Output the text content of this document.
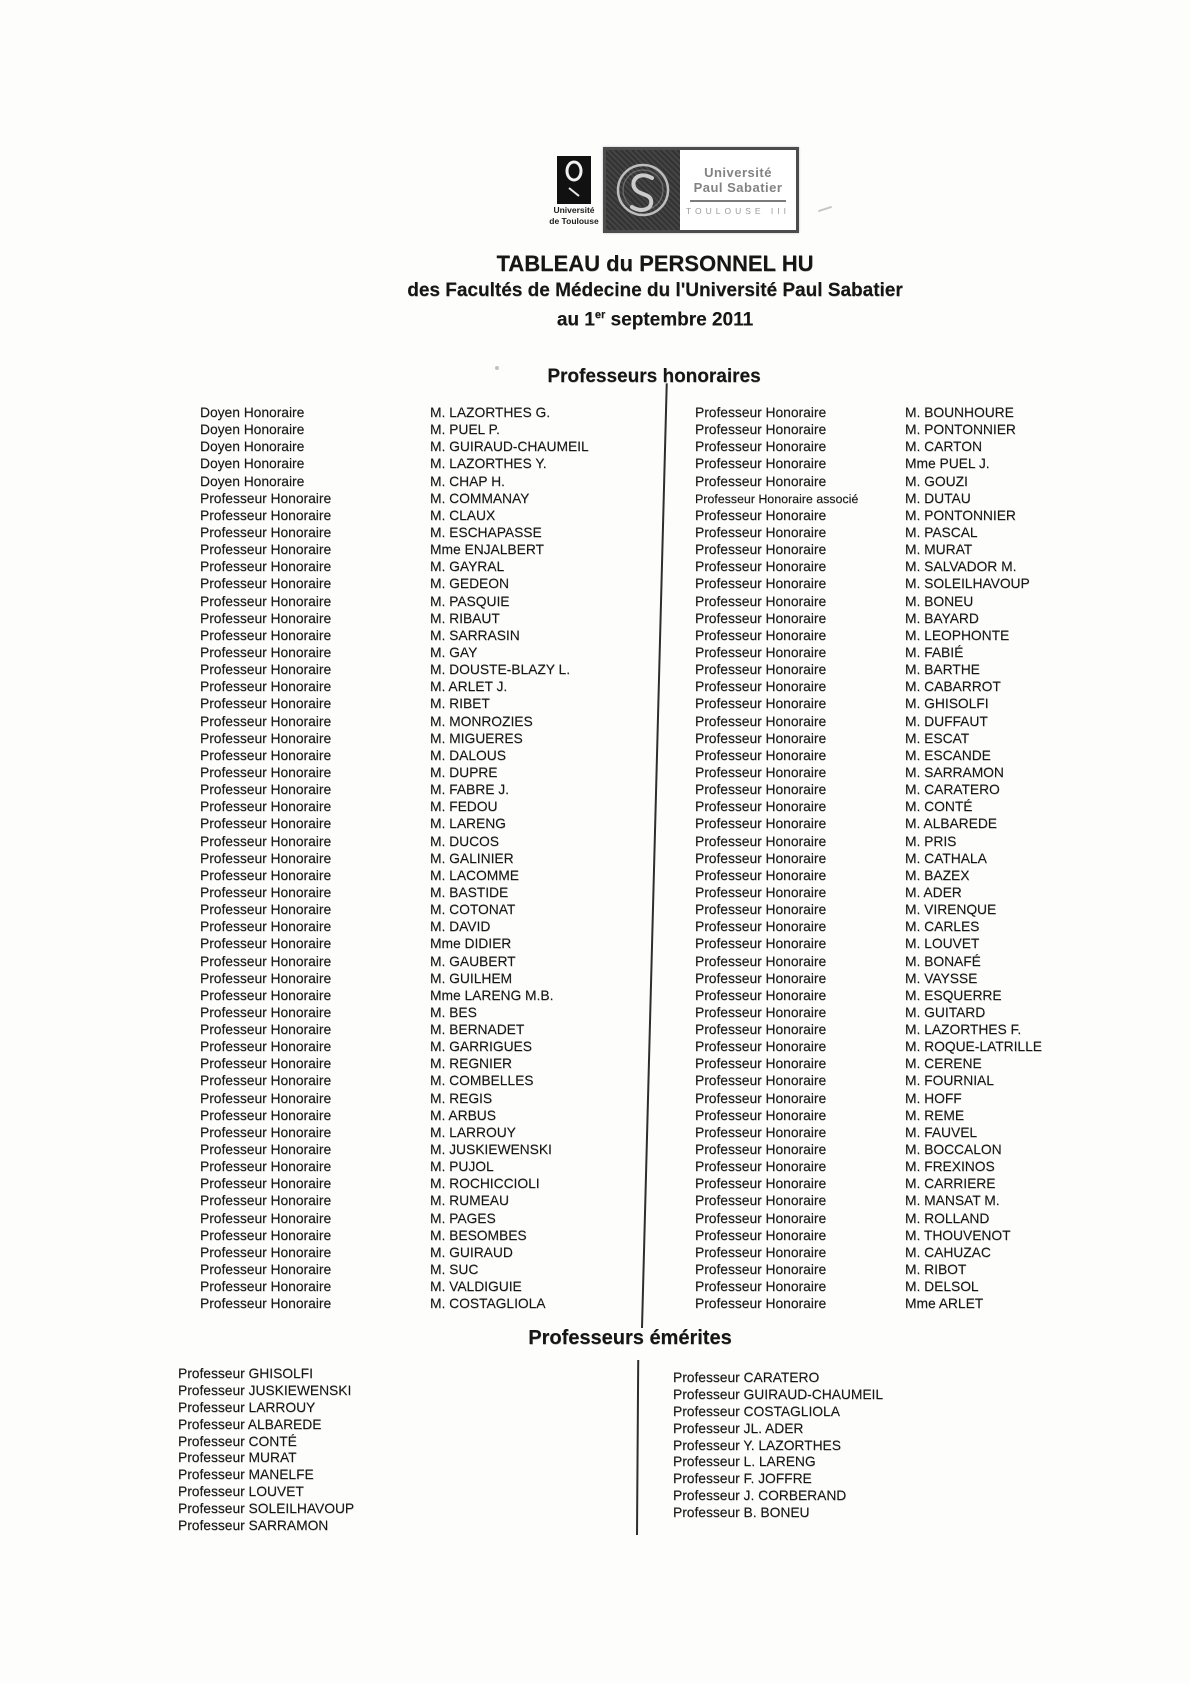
Université
de Toulouse
Université
Paul Sabatier
TOULOUSE III
TABLEAU du PERSONNEL HU
des Facultés de Médecine du l'Université Paul Sabatier
au 1er septembre 2011
Professeurs honoraires
Doyen Honoraire	M. LAZORTHES G.
Doyen Honoraire	M. PUEL P.
Doyen Honoraire	M. GUIRAUD-CHAUMEIL
Doyen Honoraire	M. LAZORTHES Y.
Doyen Honoraire	M. CHAP H.
Professeur Honoraire	M. COMMANAY
Professeur Honoraire	M. CLAUX
Professeur Honoraire	M. ESCHAPASSE
Professeur Honoraire	Mme ENJALBERT
Professeur Honoraire	M. GAYRAL
Professeur Honoraire	M. GEDEON
Professeur Honoraire	M. PASQUIE
Professeur Honoraire	M. RIBAUT
Professeur Honoraire	M. SARRASIN
Professeur Honoraire	M. GAY
Professeur Honoraire	M. DOUSTE-BLAZY L.
Professeur Honoraire	M. ARLET J.
Professeur Honoraire	M. RIBET
Professeur Honoraire	M. MONROZIES
Professeur Honoraire	M. MIGUERES
Professeur Honoraire	M. DALOUS
Professeur Honoraire	M. DUPRE
Professeur Honoraire	M. FABRE J.
Professeur Honoraire	M. FEDOU
Professeur Honoraire	M. LARENG
Professeur Honoraire	M. DUCOS
Professeur Honoraire	M. GALINIER
Professeur Honoraire	M. LACOMME
Professeur Honoraire	M. BASTIDE
Professeur Honoraire	M. COTONAT
Professeur Honoraire	M. DAVID
Professeur Honoraire	Mme DIDIER
Professeur Honoraire	M. GAUBERT
Professeur Honoraire	M. GUILHEM
Professeur Honoraire	Mme LARENG M.B.
Professeur Honoraire	M. BES
Professeur Honoraire	M. BERNADET
Professeur Honoraire	M. GARRIGUES
Professeur Honoraire	M. REGNIER
Professeur Honoraire	M. COMBELLES
Professeur Honoraire	M. REGIS
Professeur Honoraire	M. ARBUS
Professeur Honoraire	M. LARROUY
Professeur Honoraire	M. JUSKIEWENSKI
Professeur Honoraire	M. PUJOL
Professeur Honoraire	M. ROCHICCIOLI
Professeur Honoraire	M. RUMEAU
Professeur Honoraire	M. PAGES
Professeur Honoraire	M. BESOMBES
Professeur Honoraire	M. GUIRAUD
Professeur Honoraire	M. SUC
Professeur Honoraire	M. VALDIGUIE
Professeur Honoraire	M. COSTAGLIOLA
Professeur Honoraire	M. BOUNHOURE
Professeur Honoraire	M. PONTONNIER
Professeur Honoraire	M. CARTON
Professeur Honoraire	Mme PUEL J.
Professeur Honoraire	M. GOUZI
Professeur Honoraire associé	M. DUTAU
Professeur Honoraire	M. PONTONNIER
Professeur Honoraire	M. PASCAL
Professeur Honoraire	M. MURAT
Professeur Honoraire	M. SALVADOR M.
Professeur Honoraire	M. SOLEILHAVOUP
Professeur Honoraire	M. BONEU
Professeur Honoraire	M. BAYARD
Professeur Honoraire	M. LEOPHONTE
Professeur Honoraire	M. FABIÉ
Professeur Honoraire	M. BARTHE
Professeur Honoraire	M. CABARROT
Professeur Honoraire	M. GHISOLFI
Professeur Honoraire	M. DUFFAUT
Professeur Honoraire	M. ESCAT
Professeur Honoraire	M. ESCANDE
Professeur Honoraire	M. SARRAMON
Professeur Honoraire	M. CARATERO
Professeur Honoraire	M. CONTÉ
Professeur Honoraire	M. ALBAREDE
Professeur Honoraire	M. PRIS
Professeur Honoraire	M. CATHALA
Professeur Honoraire	M. BAZEX
Professeur Honoraire	M. ADER
Professeur Honoraire	M. VIRENQUE
Professeur Honoraire	M. CARLES
Professeur Honoraire	M. LOUVET
Professeur Honoraire	M. BONAFÉ
Professeur Honoraire	M. VAYSSE
Professeur Honoraire	M. ESQUERRE
Professeur Honoraire	M. GUITARD
Professeur Honoraire	M. LAZORTHES F.
Professeur Honoraire	M. ROQUE-LATRILLE
Professeur Honoraire	M. CERENE
Professeur Honoraire	M. FOURNIAL
Professeur Honoraire	M. HOFF
Professeur Honoraire	M. REME
Professeur Honoraire	M. FAUVEL
Professeur Honoraire	M. BOCCALON
Professeur Honoraire	M. FREXINOS
Professeur Honoraire	M. CARRIERE
Professeur Honoraire	M. MANSAT M.
Professeur Honoraire	M. ROLLAND
Professeur Honoraire	M. THOUVENOT
Professeur Honoraire	M. CAHUZAC
Professeur Honoraire	M. RIBOT
Professeur Honoraire	M. DELSOL
Professeur Honoraire	Mme ARLET
Professeurs émérites
Professeur GHISOLFI
Professeur JUSKIEWENSKI
Professeur LARROUY
Professeur ALBAREDE
Professeur CONTÉ
Professeur MURAT
Professeur MANELFE
Professeur LOUVET
Professeur SOLEILHAVOUP
Professeur SARRAMON
Professeur CARATERO
Professeur GUIRAUD-CHAUMEIL
Professeur COSTAGLIOLA
Professeur JL. ADER
Professeur Y. LAZORTHES
Professeur L. LARENG
Professeur F. JOFFRE
Professeur J. CORBERAND
Professeur B. BONEU
